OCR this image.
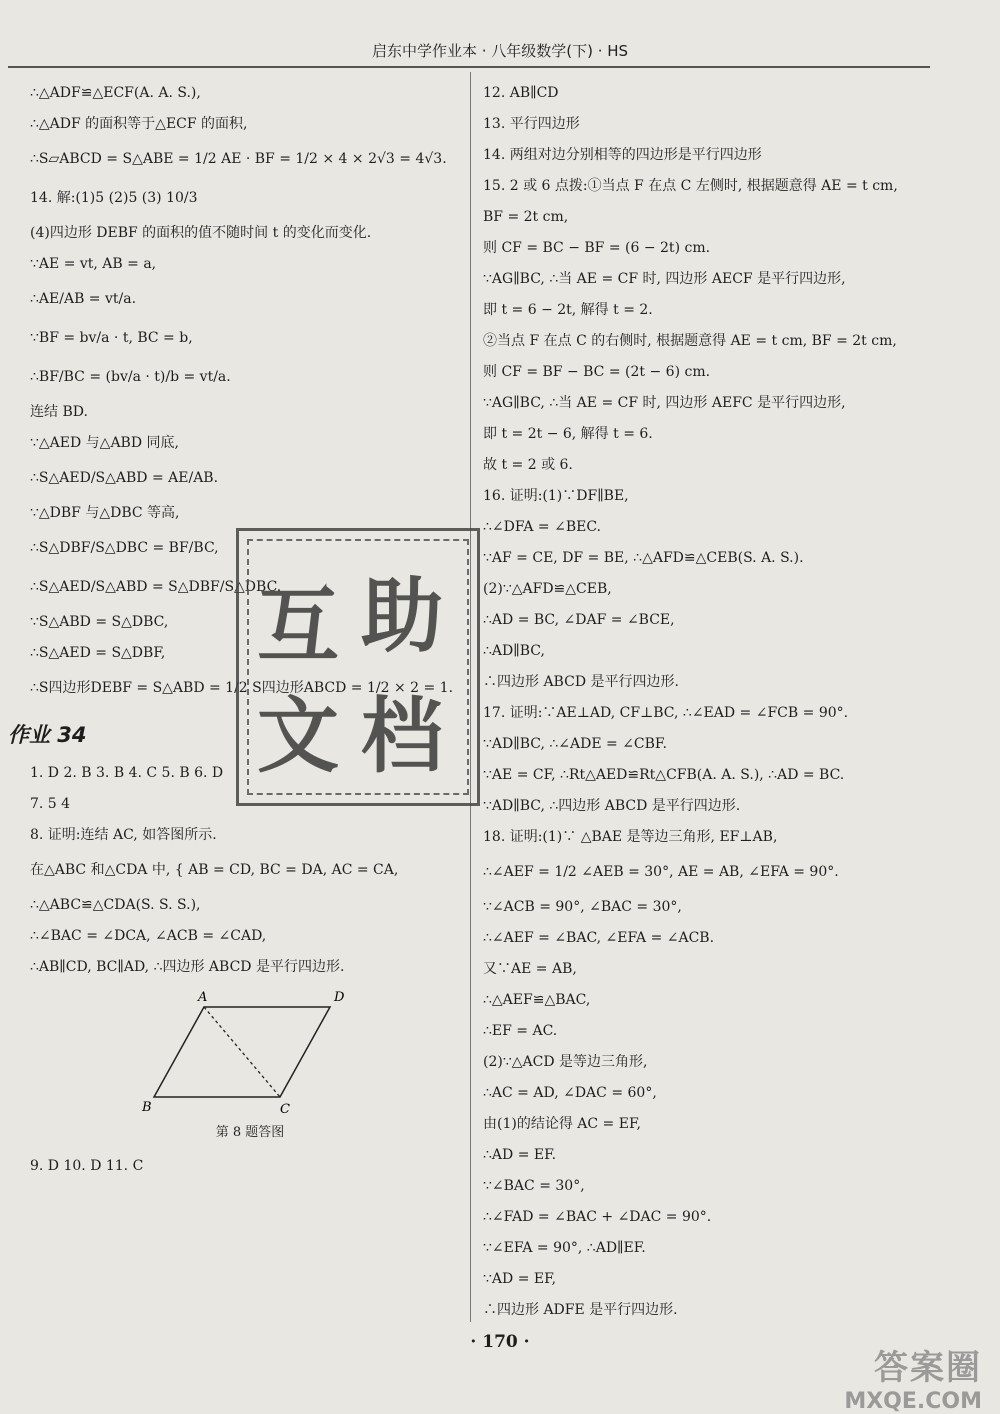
启东中学作业本 · 八年级数学(下) · HS
∴△ADF≌△ECF(A. A. S.),
∴△ADF 的面积等于△ECF 的面积,
∴S▱ABCD = S△ABE = 1/2 AE · BF = 1/2 × 4 × 2√3 = 4√3.
14. 解:(1)5 (2)5 (3) 10/3
(4)四边形 DEBF 的面积的值不随时间 t 的变化而变化.
∵AE = vt, AB = a,
∴AE/AB = vt/a.
∵BF = bv/a · t, BC = b,
∴BF/BC = (bv/a · t)/b = vt/a.
连结 BD.
∵△AED 与△ABD 同底,
∴S△AED/S△ABD = AE/AB.
∵△DBF 与△DBC 等高,
∴S△DBF/S△DBC = BF/BC,
∴S△AED/S△ABD = S△DBF/S△DBC.
∵S△ABD = S△DBC,
∴S△AED = S△DBF,
∴S四边形DEBF = S△ABD = 1/2 S四边形ABCD = 1/2 × 2 = 1.
作业 34
1. D 2. B 3. B 4. C 5. B 6. D
7. 5 4
8. 证明:连结 AC, 如答图所示.
在△ABC 和△CDA 中, { AB = CD, BC = DA, AC = CA,
∴△ABC≌△CDA(S. S. S.),
∴∠BAC = ∠DCA, ∠ACB = ∠CAD,
∴AB∥CD, BC∥AD, ∴四边形 ABCD 是平行四边形.
A	D
B	C
第 8 题答图
9. D 10. D 11. C
12. AB∥CD
13. 平行四边形
14. 两组对边分别相等的四边形是平行四边形
15. 2 或 6 点拨:①当点 F 在点 C 左侧时, 根据题意得 AE = t cm,
BF = 2t cm,
则 CF = BC − BF = (6 − 2t) cm.
∵AG∥BC, ∴当 AE = CF 时, 四边形 AECF 是平行四边形,
即 t = 6 − 2t, 解得 t = 2.
②当点 F 在点 C 的右侧时, 根据题意得 AE = t cm, BF = 2t cm,
则 CF = BF − BC = (2t − 6) cm.
∵AG∥BC, ∴当 AE = CF 时, 四边形 AEFC 是平行四边形,
即 t = 2t − 6, 解得 t = 6.
故 t = 2 或 6.
16. 证明:(1)∵DF∥BE,
∴∠DFA = ∠BEC.
∵AF = CE, DF = BE, ∴△AFD≌△CEB(S. A. S.).
(2)∵△AFD≌△CEB,
∴AD = BC, ∠DAF = ∠BCE,
∴AD∥BC,
∴四边形 ABCD 是平行四边形.
17. 证明:∵AE⊥AD, CF⊥BC, ∴∠EAD = ∠FCB = 90°.
∵AD∥BC, ∴∠ADE = ∠CBF.
∵AE = CF, ∴Rt△AED≌Rt△CFB(A. A. S.), ∴AD = BC.
∵AD∥BC, ∴四边形 ABCD 是平行四边形.
18. 证明:(1)∵ △BAE 是等边三角形, EF⊥AB,
∴∠AEF = 1/2 ∠AEB = 30°, AE = AB, ∠EFA = 90°.
∵∠ACB = 90°, ∠BAC = 30°,
∴∠AEF = ∠BAC, ∠EFA = ∠ACB.
又∵AE = AB,
∴△AEF≌△BAC,
∴EF = AC.
(2)∵△ACD 是等边三角形,
∴AC = AD, ∠DAC = 60°,
由(1)的结论得 AC = EF,
∴AD = EF.
∵∠BAC = 30°,
∴∠FAD = ∠BAC + ∠DAC = 90°.
∵∠EFA = 90°, ∴AD∥EF.
∵AD = EF,
∴四边形 ADFE 是平行四边形.
互 助
文 档
· 170 ·
答案圈
MXQE.COM
